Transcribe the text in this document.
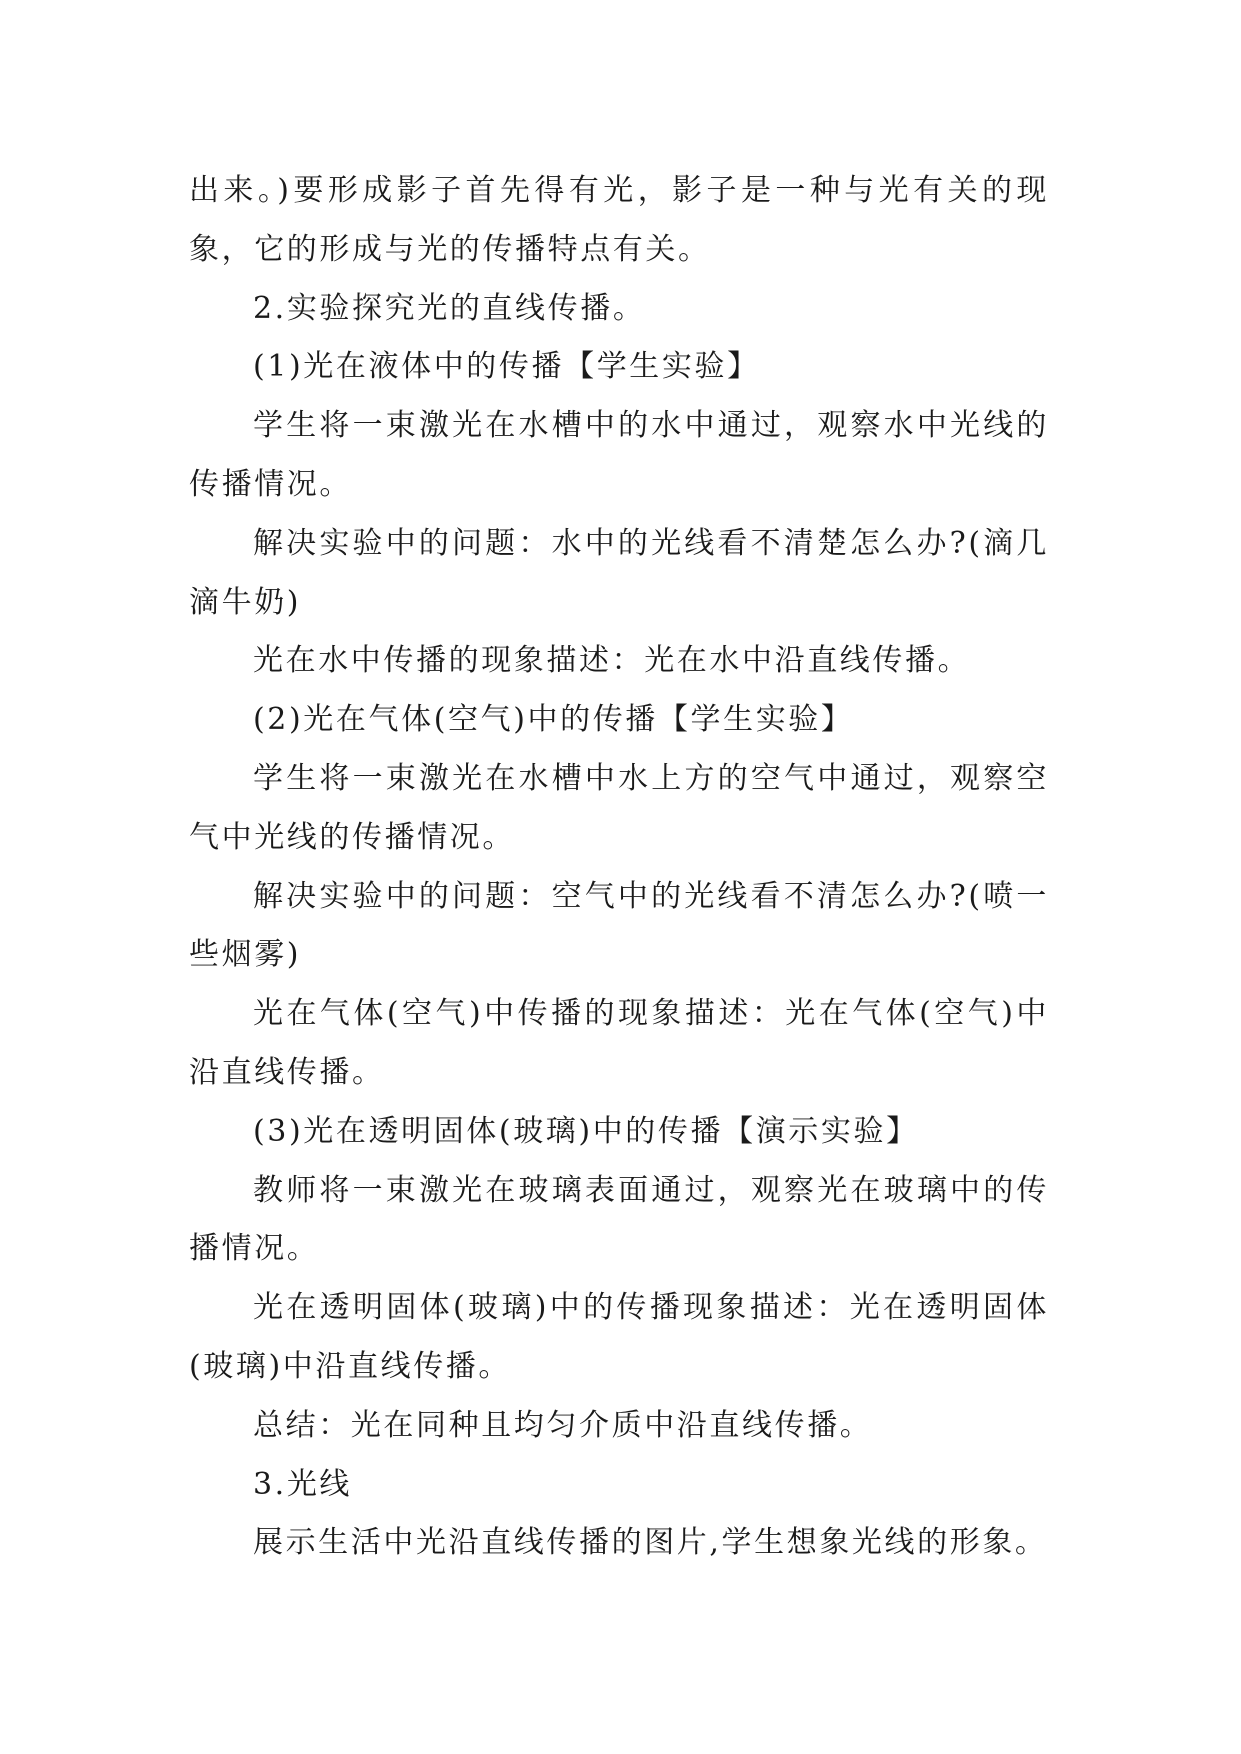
出来。)要形成影子首先得有光，影子是一种与光有关的现象，它的形成与光的传播特点有关。

2.实验探究光的直线传播。

(1)光在液体中的传播【学生实验】

学生将一束激光在水槽中的水中通过，观察水中光线的传播情况。

解决实验中的问题：水中的光线看不清楚怎么办?(滴几滴牛奶)

光在水中传播的现象描述：光在水中沿直线传播。

(2)光在气体(空气)中的传播【学生实验】

学生将一束激光在水槽中水上方的空气中通过，观察空气中光线的传播情况。

解决实验中的问题：空气中的光线看不清怎么办?(喷一些烟雾)

光在气体(空气)中传播的现象描述：光在气体(空气)中沿直线传播。

(3)光在透明固体(玻璃)中的传播【演示实验】

教师将一束激光在玻璃表面通过，观察光在玻璃中的传播情况。

光在透明固体(玻璃)中的传播现象描述：光在透明固体(玻璃)中沿直线传播。

总结：光在同种且均匀介质中沿直线传播。

3.光线

展示生活中光沿直线传播的图片,学生想象光线的形象。
